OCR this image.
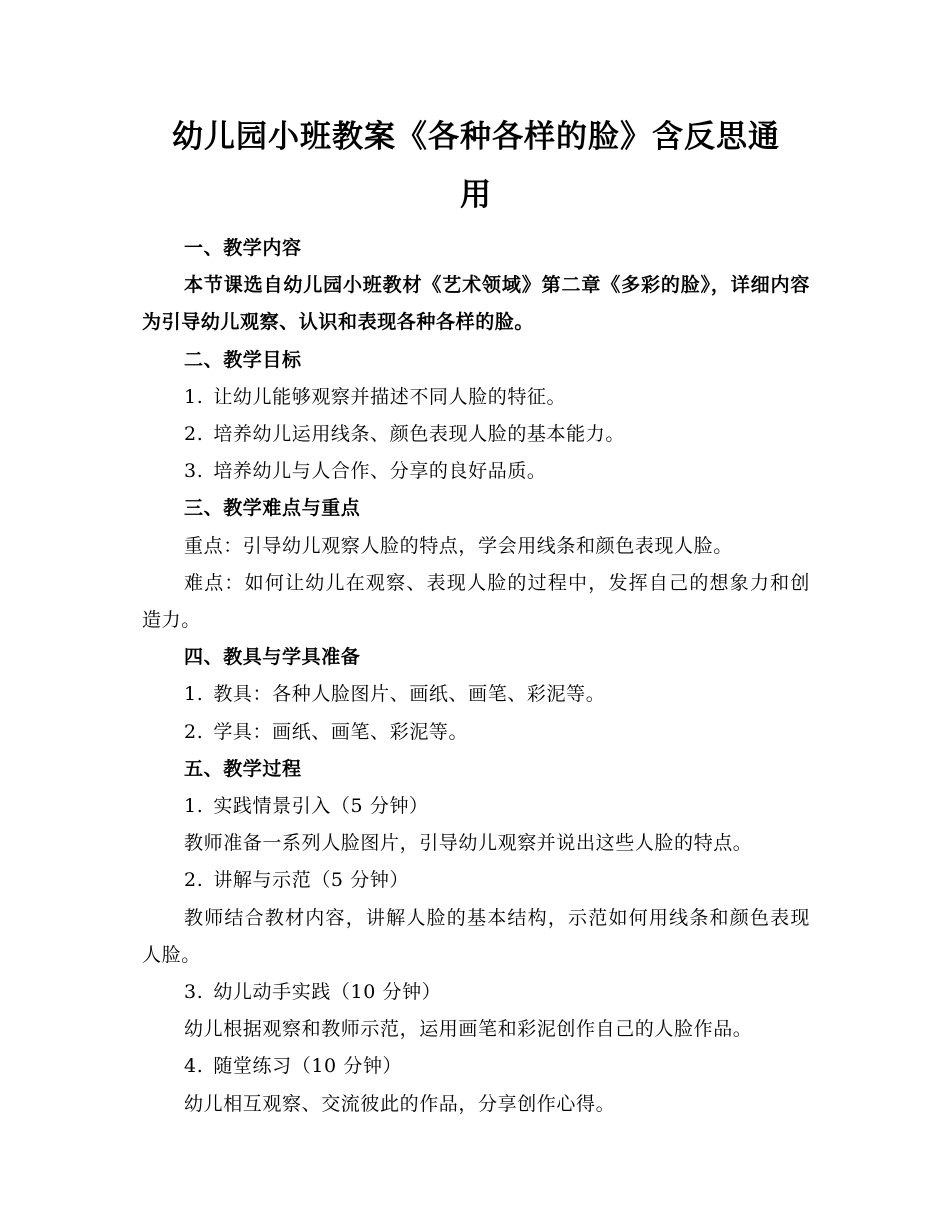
幼儿园小班教案《各种各样的脸》含反思通
用

一、教学内容

本节课选自幼儿园小班教材《艺术领域》第二章《多彩的脸》，详细内容为引导幼儿观察、认识和表现各种各样的脸。

二、教学目标

1. 让幼儿能够观察并描述不同人脸的特征。

2. 培养幼儿运用线条、颜色表现人脸的基本能力。

3. 培养幼儿与人合作、分享的良好品质。

三、教学难点与重点

重点：引导幼儿观察人脸的特点，学会用线条和颜色表现人脸。

难点：如何让幼儿在观察、表现人脸的过程中，发挥自己的想象力和创造力。

四、教具与学具准备

1. 教具：各种人脸图片、画纸、画笔、彩泥等。

2. 学具：画纸、画笔、彩泥等。

五、教学过程

1. 实践情景引入（5 分钟）

教师准备一系列人脸图片，引导幼儿观察并说出这些人脸的特点。

2. 讲解与示范（5 分钟）

教师结合教材内容，讲解人脸的基本结构，示范如何用线条和颜色表现人脸。

3. 幼儿动手实践（10 分钟）

幼儿根据观察和教师示范，运用画笔和彩泥创作自己的人脸作品。

4. 随堂练习（10 分钟）

幼儿相互观察、交流彼此的作品，分享创作心得。
